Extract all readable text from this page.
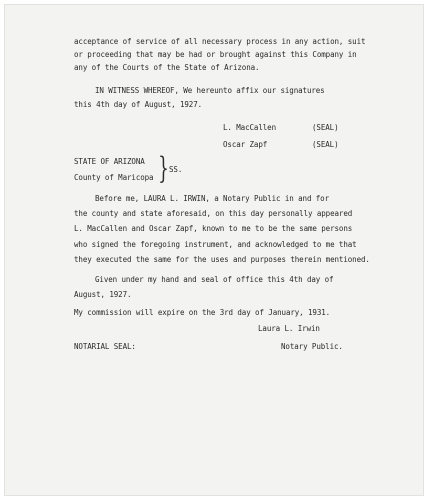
acceptance of service of all necessary process in any action, suit
or proceeding that may be had or brought against this Company in
any of the Courts of the State of Arizona.
IN WITNESS WHEREOF, We hereunto affix our signatures
this 4th day of August, 1927.
L. MacCallen	(SEAL)
Oscar Zapf	(SEAL)
STATE OF ARIZONA } SS.
County of Maricopa
Before me, LAURA L. IRWIN, a Notary Public in and for
the county and state aforesaid, on this day personally appeared
L. MacCallen and Oscar Zapf, known to me to be the same persons
who signed the foregoing instrument, and acknowledged to me that
they executed the same for the uses and purposes therein mentioned.
Given under my hand and seal of office this 4th day of
August, 1927.
My commission will expire on the 3rd day of January, 1931.
Laura L. Irwin
NOTARIAL SEAL:	Notary Public.
